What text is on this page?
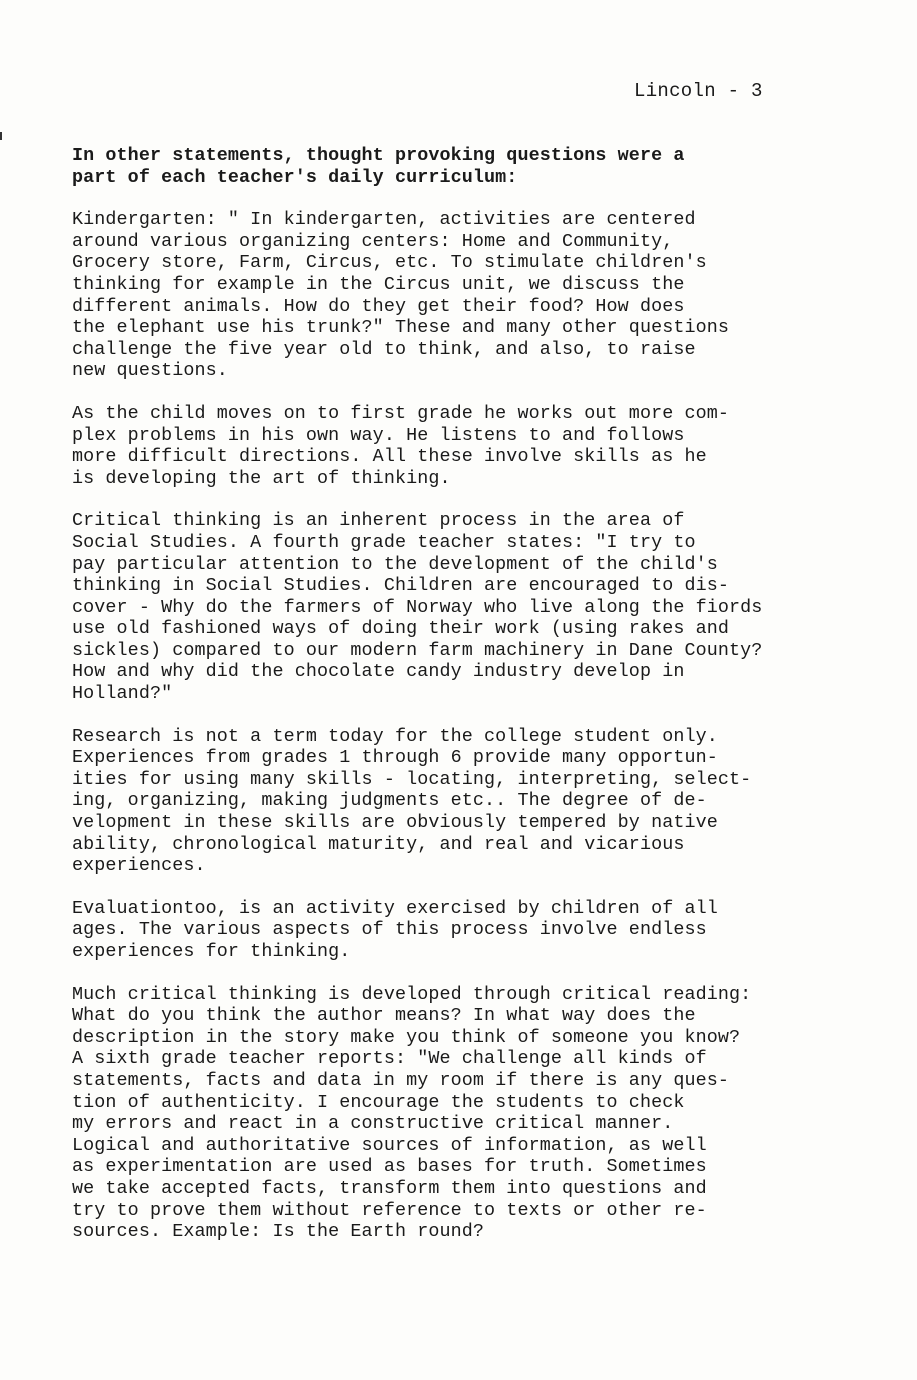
Lincoln - 3
In other statements, thought provoking questions were a
part of each teacher's daily curriculum:
Kindergarten: " In kindergarten, activities are centered
around various organizing centers: Home and Community,
Grocery store, Farm, Circus, etc. To stimulate children's
thinking for example in the Circus unit, we discuss the
different animals. How do they get their food? How does
the elephant use his trunk?" These and many other questions
challenge the five year old to think, and also, to raise
new questions.
As the child moves on to first grade he works out more com-
plex problems in his own way. He listens to and follows
more difficult directions. All these involve skills as he
is developing the art of thinking.
Critical thinking is an inherent process in the area of
Social Studies. A fourth grade teacher states: "I try to
pay particular attention to the development of the child's
thinking in Social Studies. Children are encouraged to dis-
cover - Why do the farmers of Norway who live along the fiords
use old fashioned ways of doing their work (using rakes and
sickles) compared to our modern farm machinery in Dane County?
How and why did the chocolate candy industry develop in
Holland?"
Research is not a term today for the college student only.
Experiences from grades 1 through 6 provide many opportun-
ities for using many skills - locating, interpreting, select-
ing, organizing, making judgments etc.. The degree of de-
velopment in these skills are obviously tempered by native
ability, chronological maturity, and real and vicarious
experiences.
Evaluationtoo, is an activity exercised by children of all
ages. The various aspects of this process involve endless
experiences for thinking.
Much critical thinking is developed through critical reading:
What do you think the author means? In what way does the
description in the story make you think of someone you know?
A sixth grade teacher reports: "We challenge all kinds of
statements, facts and data in my room if there is any ques-
tion of authenticity. I encourage the students to check
my errors and react in a constructive critical manner.
Logical and authoritative sources of information, as well
as experimentation are used as bases for truth. Sometimes
we take accepted facts, transform them into questions and
try to prove them without reference to texts or other re-
sources. Example: Is the Earth round?
